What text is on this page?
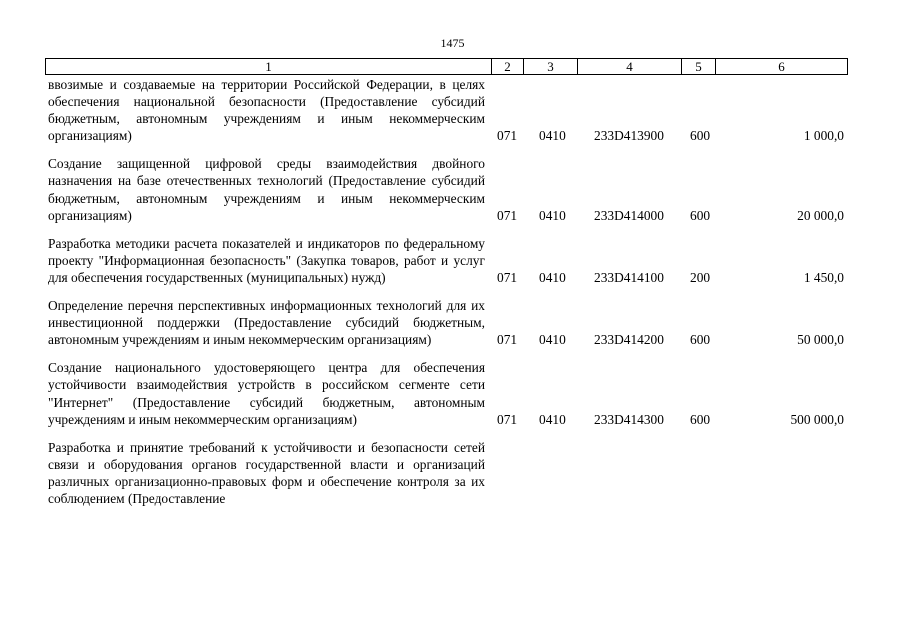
1475
1	2	3	4	5	6
ввозимые и создаваемые на территории Российской Федерации, в целях обеспечения национальной безопасности (Предоставление субсидий бюджетным, автономным учреждениям и иным некоммерческим организациям)	071 0410 233D413900 600	1 000,0
Создание защищенной цифровой среды взаимодействия двойного назначения на базе отечественных технологий (Предоставление субсидий бюджетным, автономным учреждениям и иным некоммерческим организациям)	071 0410 233D414000 600	20 000,0
Разработка методики расчета показателей и индикаторов по федеральному проекту "Информационная безопасность" (Закупка товаров, работ и услуг для обеспечения государственных (муниципальных) нужд)	071 0410 233D414100 200	1 450,0
Определение перечня перспективных информационных технологий для их инвестиционной поддержки (Предоставление субсидий бюджетным, автономным учреждениям и иным некоммерческим организациям)	071 0410 233D414200 600	50 000,0
Создание национального удостоверяющего центра для обеспечения устойчивости взаимодействия устройств в российском сегменте сети "Интернет" (Предоставление субсидий бюджетным, автономным учреждениям и иным некоммерческим организациям)	071 0410 233D414300 600	500 000,0
Разработка и принятие требований к устойчивости и безопасности сетей связи и оборудования органов государственной власти и организаций различных организационно-правовых форм и обеспечение контроля за их соблюдением (Предоставление
